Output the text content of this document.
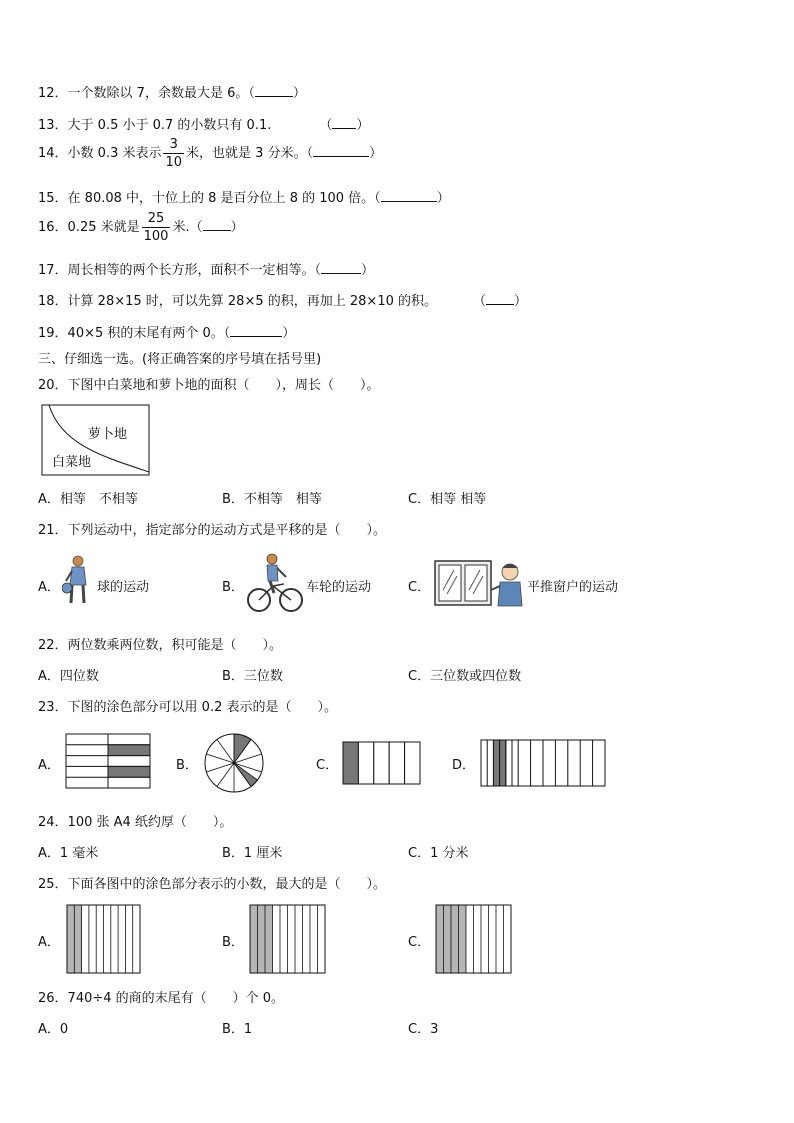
12．一个数除以 7，余数最大是 6。（	）
13．大于 0.5 小于 0.7 的小数只有 0.1.	（ ）
14．小数 0.3 米表示 $\frac{3}{10}$ 米，也就是 3 分米。（	）
15．在 80.08 中，十位上的 8 是百分位上 8 的 100 倍。（	）
16．0.25 米就是 $\frac{25}{100}$ 米.（ ）
17．周长相等的两个长方形，面积不一定相等。（	）
18．计算 28×15 时，可以先算 28×5 的积，再加上 28×10 的积。	（ ）
19．40×5 积的末尾有两个 0。（	）
三、仔细选一选。(将正确答案的序号填在括号里)
20．下图中白菜地和萝卜地的面积（　　），周长（　　）。
萝卜地
白菜地
A．相等　不相等	B．不相等　相等	C．相等 相等
21．下列运动中，指定部分的运动方式是平移的是（　　）。
A．	球的运动	B．	车轮的运动	C．	平推窗户的运动
22．两位数乘两位数，积可能是（　　）。
A．四位数	B．三位数	C．三位数或四位数
23．下图的涂色部分可以用 0.2 表示的是（　　）。
A．	B．	C．	D．
24．100 张 A4 纸约厚（　　）。
A．1 毫米	B．1 厘米	C．1 分米
25．下面各图中的涂色部分表示的小数，最大的是（　　）。
A．	B．	C．
26．740÷4 的商的末尾有（　　）个 0。
A．0	B．1	C．3
